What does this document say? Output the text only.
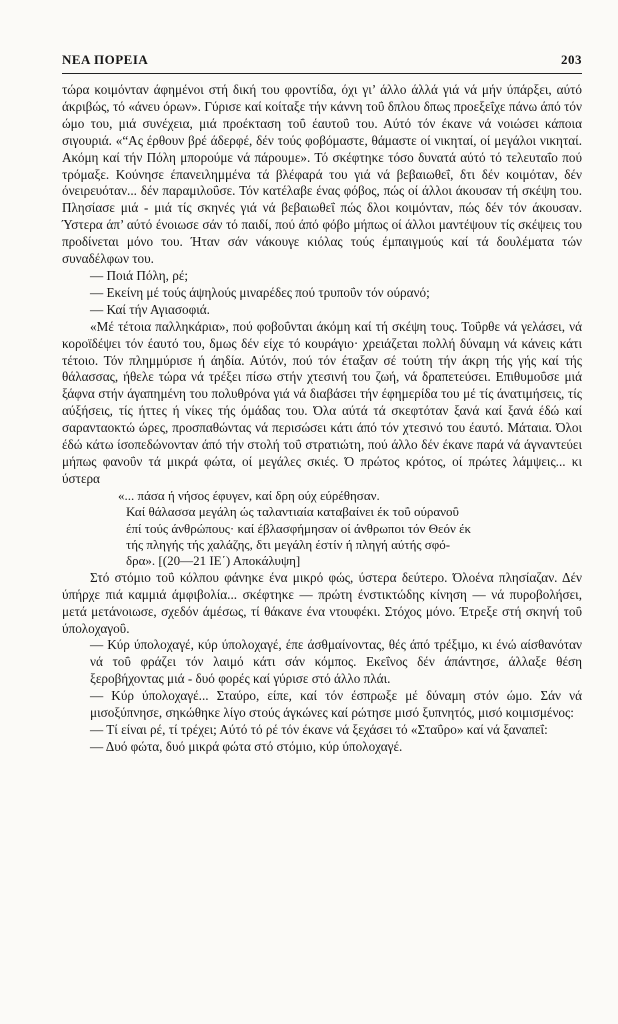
ΝΕΑ ΠΟΡΕΙΑ	203

τώρα κοιμόνταν άφημένοι στή δική του φροντίδα, όχι γι’ άλλο άλλά γιά νά μήν ύπάρξει, αύτό άκριβώς, τό «άνευ όρων». Γύρισε καί κοίταξε τήν κάννη τοΰ δπλου δπως προεξεΐχε πάνω άπό τόν ώμο του, μιά συνέχεια, μιά προέκταση τοΰ έαυτοΰ του. Αύτό τόν έκανε νά νοιώσει κάποια σιγουριά. «“Ας έρθουν βρέ άδερφέ, δέν τούς φοβόμαστε, θάμαστε οί νικηταί, οί μεγάλοι νικηταί. Ακόμη καί τήν Πόλη μπορούμε νά πάρουμε». Τό σκέφτηκε τόσο δυνατά αύτό τό τελευταΐο πού τρόμαξε. Κούνησε έπανειλημμένα τά βλέφαρά του γιά νά βεβαιωθεΐ, δτι δέν κοιμόταν, δέν όνειρευόταν... δέν παραμιλοΰσε. Τόν κατέλαβε ένας φόβος, πώς οί άλλοι άκουσαν τή σκέψη του. Πλησίασε μιά - μιά τίς σκηνές γιά νά βεβαιωθεΐ πώς δλοι κοιμόνταν, πώς δέν τόν άκουσαν. Ύστερα άπ’ αύτό ένοιωσε σάν τό παιδί, πού άπό φόβο μήπως οί άλλοι μαντέψουν τίς σκέψεις του προδίνεται μόνο του. Ήταν σάν νάκουγε κιόλας τούς έμπαιγμούς καί τά δουλέματα τών συναδέλφων του.

— Ποιά Πόλη, ρέ;

— Εκείνη μέ τούς άψηλούς μιναρέδες πού τρυποΰν τόν ούρανό;

— Καί τήν Αγιασοφιά.

«Μέ τέτοια παλληκάρια», πού φοβοΰνται άκόμη καί τή σκέψη τους. Τοΰρθε νά γελάσει, νά κοροϊδέψει τόν έαυτό του, δμως δέν είχε τό κουράγιο· χρειάζεται πολλή δύναμη νά κάνεις κάτι τέτοιο. Τόν πλημμύρισε ή άηδία. Αύτόν, πού τόν έταξαν σέ τούτη τήν άκρη τής γής καί τής θάλασσας, ήθελε τώρα νά τρέξει πίσω στήν χτεσινή του ζωή, νά δραπετεύσει. Επιθυμοΰσε μιά ξάφνα στήν άγαπημένη του πολυθρόνα γιά νά διαβάσει τήν έφημερίδα του μέ τίς άνατιμήσεις, τίς αύξήσεις, τίς ήττες ή νίκες τής όμάδας του. Όλα αύτά τά σκεφτόταν ξανά καί ξανά έδώ καί σαρανταοκτώ ώρες, προσπαθώντας νά περισώσει κάτι άπό τόν χτεσινό του έαυτό. Μάταια. Όλοι έδώ κάτω ίσοπεδώνονταν άπό τήν στολή τοΰ στρατιώτη, πού άλλο δέν έκανε παρά νά άγναντεύει μήπως φανοΰν τά μικρά φώτα, οί μεγάλες σκιές. Ό πρώτος κρότος, οί πρώτες λάμψεις... κι ύστερα

«... πάσα ή νήσος έφυγεν, καί δρη ούχ εύρέθησαν.
Καί θάλασσα μεγάλη ώς ταλαντιαία καταβαίνει έκ τοΰ ούρανοΰ
έπί τούς άνθρώπους· καί έβλασφήμησαν οί άνθρωποι τόν Θεόν έκ
τής πληγής τής χαλάζης, δτι μεγάλη έστίν ή πληγή αύτής σφό-
δρα». [(20—21 ΙΕ΄) Αποκάλυψη]

Στό στόμιο τοΰ κόλπου φάνηκε ένα μικρό φώς, ύστερα δεύτερο. Όλοένα πλησίαζαν. Δέν ύπήρχε πιά καμμιά άμφιβολία... σκέφτηκε — πρώτη ένστικτώδης κίνηση — νά πυροβολήσει, μετά μετάνοιωσε, σχεδόν άμέσως, τί θάκανε ένα ντουφέκι. Στόχος μόνο. Έτρεξε στή σκηνή τοΰ ύπολοχαγοΰ.

— Κύρ ύπολοχαγέ, κύρ ύπολοχαγέ, έπε άσθμαίνοντας, θές άπό τρέξιμο, κι ένώ αίσθανόταν νά τοΰ φράζει τόν λαιμό κάτι σάν κόμπος. Εκεΐνος δέν άπάντησε, άλλαξε θέση ξεροβήχοντας μιά - δυό φορές καί γύρισε στό άλλο πλάι.

— Κύρ ύπολοχαγέ... Σταύρο, είπε, καί τόν έσπρωξε μέ δύναμη στόν ώμο. Σάν νά μισοξύπνησε, σηκώθηκε λίγο στούς άγκώνες καί ρώτησε μισό ξυπνητός, μισό κοιμισμένος:

— Τί είναι ρέ, τί τρέχει; Αύτό τό ρέ τόν έκανε νά ξεχάσει τό «Σταΰρο» καί νά ξαναπεΐ:

— Δυό φώτα, δυό μικρά φώτα στό στόμιο, κύρ ύπολοχαγέ.
